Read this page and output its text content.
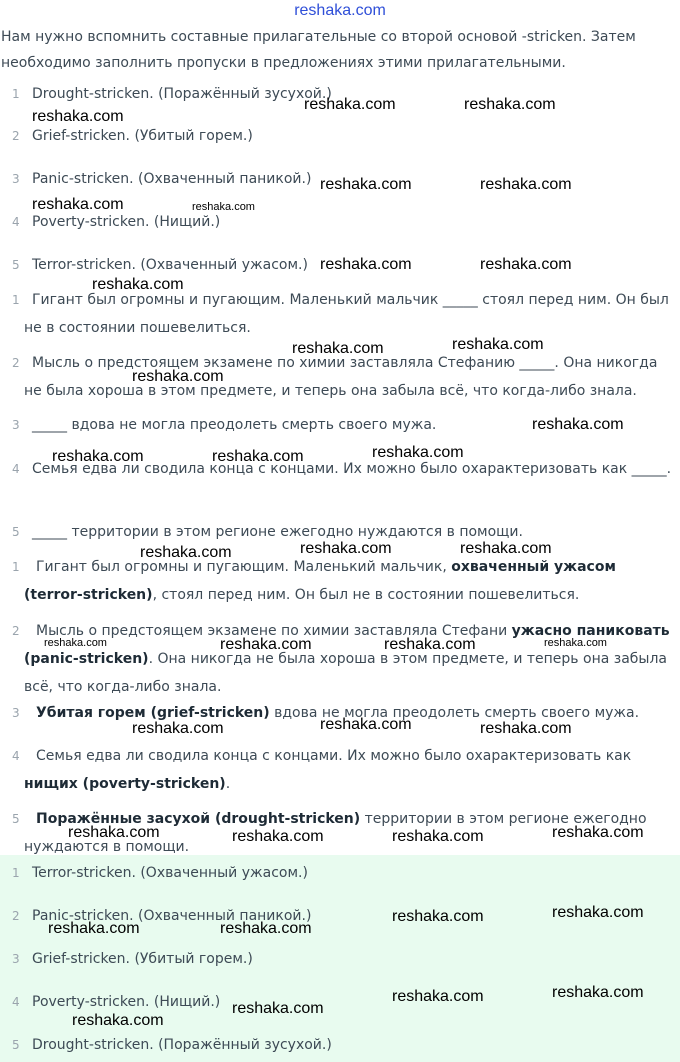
reshaka.com
Нам нужно вспомнить составные прилагательные со второй основой -stricken. Затем необходимо заполнить пропуски в предложениях этими прилагательными.
1 Drought-stricken. (Поражённый зусухой.)
2 Grief-stricken. (Убитый горем.)
3 Panic-stricken. (Охваченный паникой.)
4 Poverty-stricken. (Нищий.)
5 Terror-stricken. (Охваченный ужасом.)
1 Гигант был огромны и пугающим. Маленький мальчик _____ стоял перед ним. Он был не в состоянии пошевелиться.
2 Мысль о предстоящем экзамене по химии заставляла Стефанию _____. Она никогда не была хороша в этом предмете, и теперь она забыла всё, что когда-либо знала.
3 _____ вдова не могла преодолеть смерть своего мужа.
4 Семья едва ли сводила конца с концами. Их можно было охарактеризовать как _____.
5 _____ территории в этом регионе ежегодно нуждаются в помощи.
1	Гигант был огромны и пугающим. Маленький мальчик, охваченный ужасом (terror-stricken), стоял перед ним. Он был не в состоянии пошевелиться.
2	Мысль о предстоящем экзамене по химии заставляла Стефани ужасно паниковать (panic-stricken). Она никогда не была хороша в этом предмете, и теперь она забыла всё, что когда-либо знала.
3	Убитая горем (grief-stricken) вдова не могла преодолеть смерть своего мужа.
4	Семья едва ли сводила конца с концами. Их можно было охарактеризовать как нищих (poverty-stricken).
5	Поражённые засухой (drought-stricken) территории в этом регионе ежегодно нуждаются в помощи.
1 Terror-stricken. (Охваченный ужасом.)
2 Panic-stricken. (Охваченный паникой.)
3 Grief-stricken. (Убитый горем.)
4 Poverty-stricken. (Нищий.)
5 Drought-stricken. (Поражённый зусухой.)
reshaka.com	reshaka.com
reshaka.com
reshaka.com	reshaka.com
reshaka.com	reshaka.com
reshaka.com	reshaka.com
reshaka.com
reshaka.com
reshaka.com
reshaka.com
reshaka.com
reshaka.com
reshaka.com	reshaka.com
reshaka.com	reshaka.com
reshaka.com
reshaka.com	reshaka.com	reshaka.com	reshaka.com
reshaka.com
reshaka.com	reshaka.com
reshaka.com	reshaka.com
reshaka.com	reshaka.com
reshaka.com
reshaka.com
reshaka.com	reshaka.com
reshaka.com
reshaka.com
reshaka.com
reshaka.com
